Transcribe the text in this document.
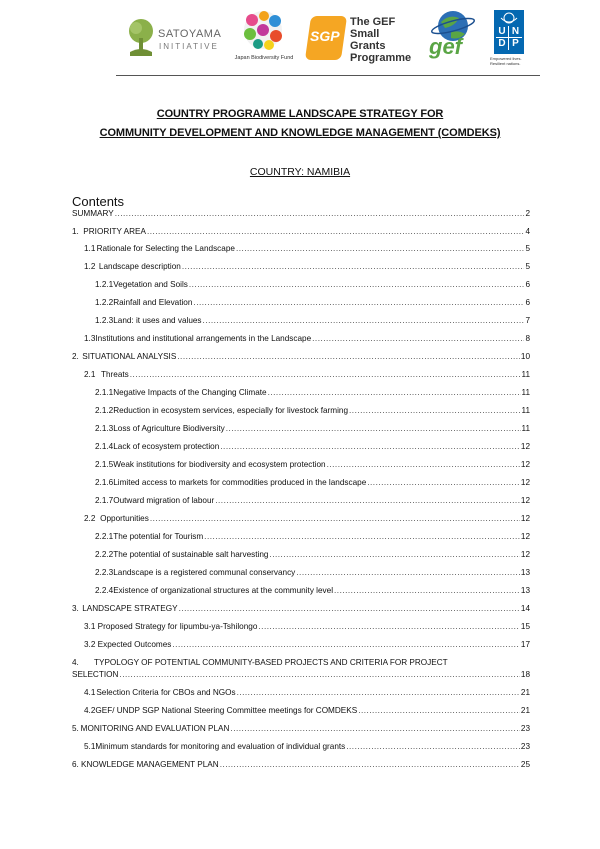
SATOYAMA
INITIATIVE
Japan Biodiversity Fund
SGP
The GEF
Small Grants
Programme gef
U N
D P
Empowered lives. Resilient nations.
COUNTRY PROGRAMME LANDSCAPE STRATEGY FOR
COMMUNITY DEVELOPMENT AND KNOWLEDGE MANAGEMENT (COMDEKS)
COUNTRY: NAMIBIA
Contents
SUMMARY .....	2
1. PRIORITY AREA .....	4
1.1 Rationale for Selecting the Landscape .....	5
1.2 Landscape description .....	5
1.2.1 Vegetation and Soils .....	6
1.2.2 Rainfall and Elevation .....	6
1.2.3 Land: it uses and values .....	7
1.3 Institutions and institutional arrangements in the Landscape .....	8
2. SITUATIONAL ANALYSIS .....	10
2.1 Threats .....	11
2.1.1 Negative Impacts of the Changing Climate .....	11
2.1.2 Reduction in ecosystem services, especially for livestock farming .....	11
2.1.3 Loss of Agriculture Biodiversity .....	11
2.1.4 Lack of ecosystem protection .....	12
2.1.5 Weak institutions for biodiversity and ecosystem protection .....	12
2.1.6 Limited access to markets for commodities produced in the landscape .....	12
2.1.7 Outward migration of labour .....	12
2.2 Opportunities .....	12
2.2.1 The potential for Tourism .....	12
2.2.2 The potential of sustainable salt harvesting .....	12
2.2.3 Landscape is a registered communal conservancy .....	13
2.2.4 Existence of organizational structures at the community level .....	13
3. LANDSCAPE STRATEGY .....	14
3.1 Proposed Strategy for Iipumbu-ya-Tshilongo .....	15
3.2 Expected Outcomes .....	17
4.	TYPOLOGY OF POTENTIAL COMMUNITY-BASED PROJECTS AND CRITERIA FOR PROJECT
SELECTION .....	18
4.1 Selection Criteria for CBOs and NGOs .....	21
4.2 GEF/ UNDP SGP National Steering Committee meetings for COMDEKS .....	21
5. MONITORING AND EVALUATION PLAN .....	23
5.1 Minimum standards for monitoring and evaluation of individual grants .....	23
6. KNOWLEDGE MANAGEMENT PLAN .....	25
